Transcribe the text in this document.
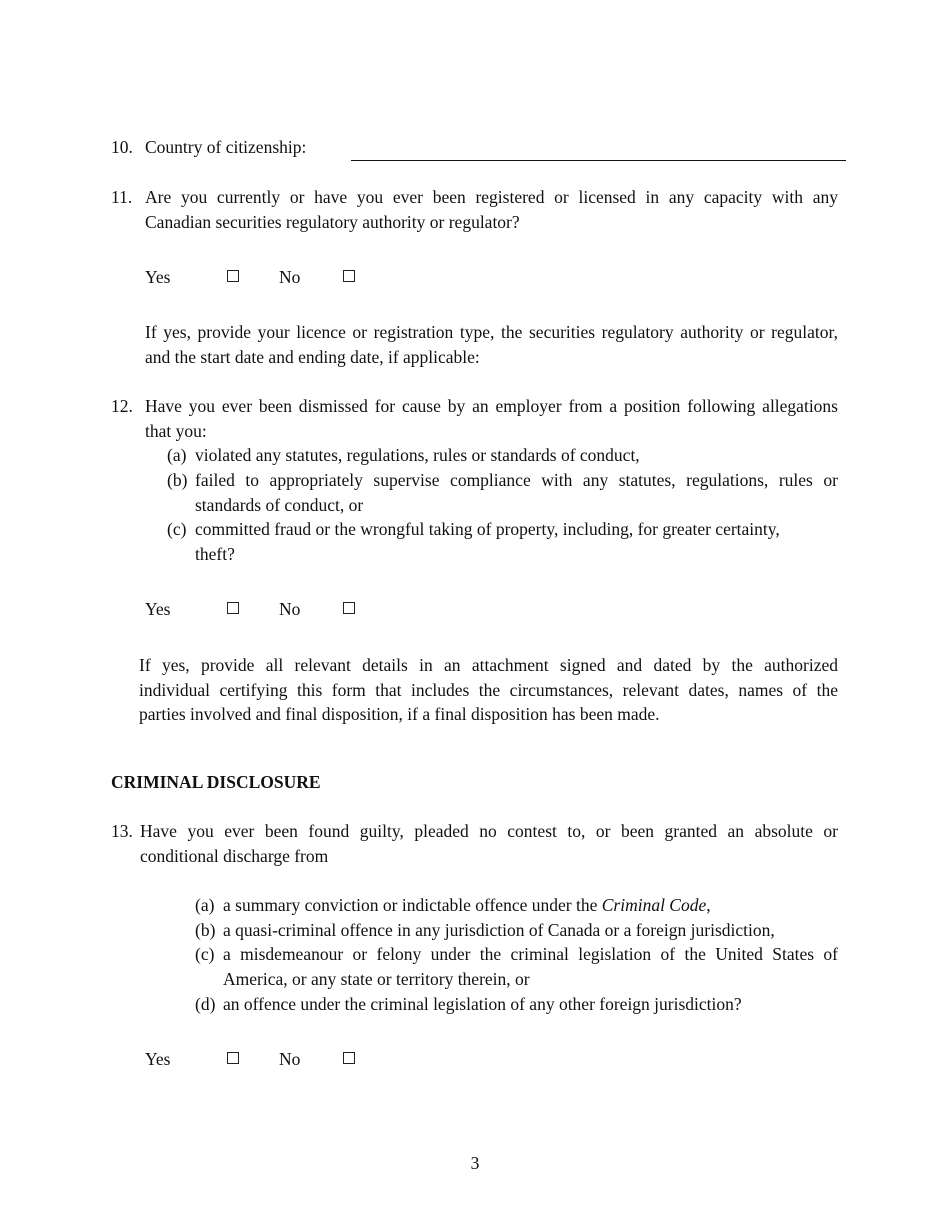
10. Country of citizenship:
11. Are you currently or have you ever been registered or licensed in any capacity with any
Canadian securities regulatory authority or regulator?
Yes	No
If yes, provide your licence or registration type, the securities regulatory authority or regulator,
and the start date and ending date, if applicable:
12. Have you ever been dismissed for cause by an employer from a position following allegations
that you:
(a) violated any statutes, regulations, rules or standards of conduct,
(b) failed to appropriately supervise compliance with any statutes, regulations, rules or
standards of conduct, or
(c) committed fraud or the wrongful taking of property, including, for greater certainty,
theft?
Yes	No
If yes, provide all relevant details in an attachment signed and dated by the authorized
individual certifying this form that includes the circumstances, relevant dates, names of the
parties involved and final disposition, if a final disposition has been made.
CRIMINAL DISCLOSURE
13. Have you ever been found guilty, pleaded no contest to, or been granted an absolute or
conditional discharge from
(a) a summary conviction or indictable offence under the Criminal Code,
(b) a quasi-criminal offence in any jurisdiction of Canada or a foreign jurisdiction,
(c) a misdemeanour or felony under the criminal legislation of the United States of
America, or any state or territory therein, or
(d) an offence under the criminal legislation of any other foreign jurisdiction?
Yes	No
3
